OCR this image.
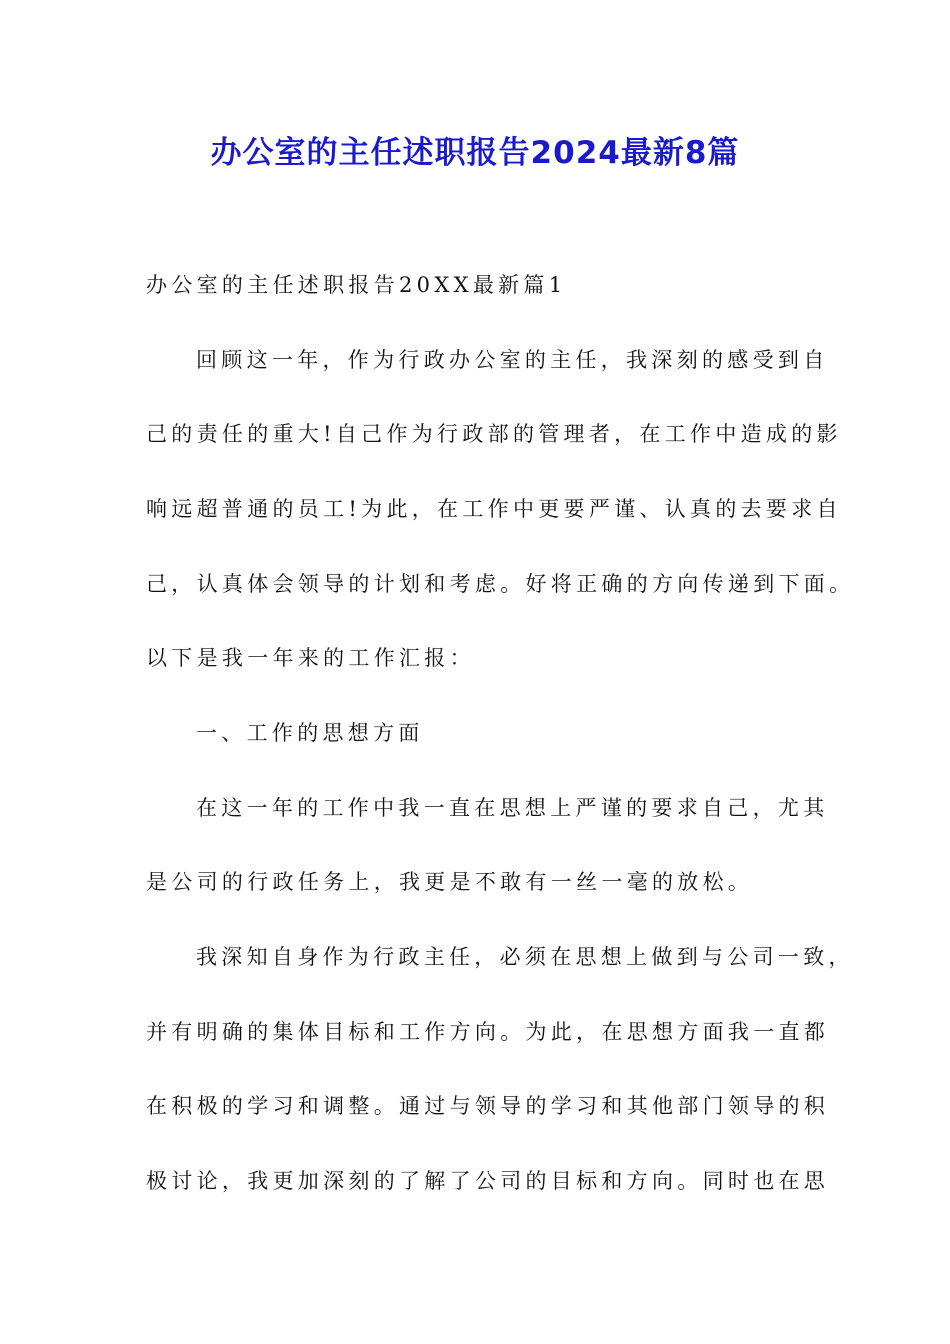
办公室的主任述职报告2024最新8篇
办公室的主任述职报告20XX最新篇1
回顾这一年，作为行政办公室的主任，我深刻的感受到自
己的责任的重大!自己作为行政部的管理者，在工作中造成的影
响远超普通的员工!为此，在工作中更要严谨、认真的去要求自
己，认真体会领导的计划和考虑。好将正确的方向传递到下面。
以下是我一年来的工作汇报：
一、工作的思想方面
在这一年的工作中我一直在思想上严谨的要求自己，尤其
是公司的行政任务上，我更是不敢有一丝一毫的放松。
我深知自身作为行政主任，必须在思想上做到与公司一致，
并有明确的集体目标和工作方向。为此，在思想方面我一直都
在积极的学习和调整。通过与领导的学习和其他部门领导的积
极讨论，我更加深刻的了解了公司的目标和方向。同时也在思
